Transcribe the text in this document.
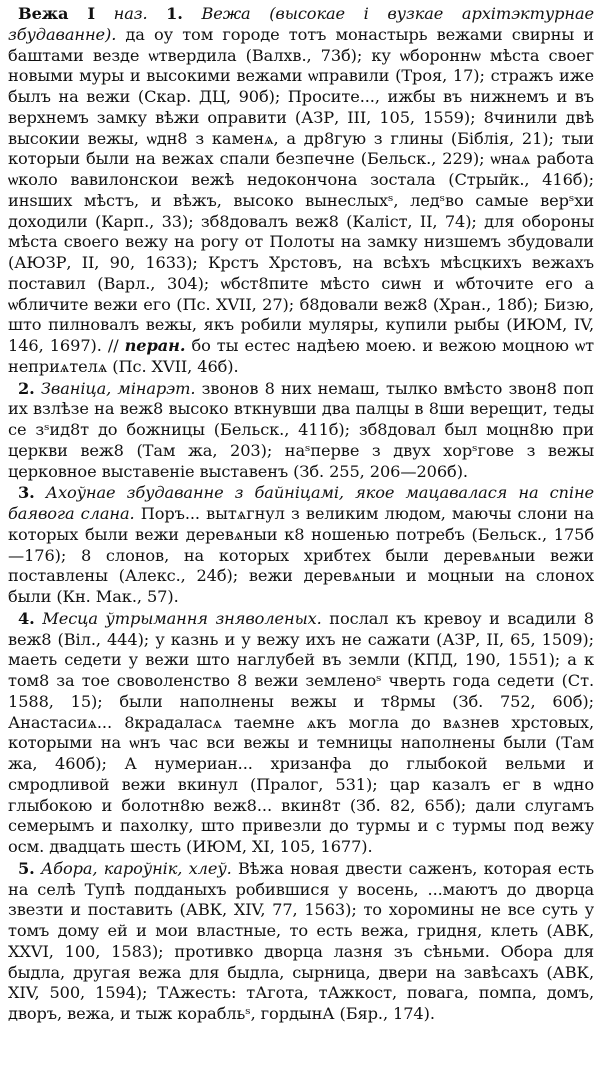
Вежа I наз. 1. Вежа (высокае і вузкае архітэктурнае збудаванне). да оу том городе тотъ монастырь вежами свирны и баштами везде ѡтвердила (Валхв., 73б); ку ѡбороннѡ мѣста своег новыми муры и высокими вежами ѡправили (Троя, 17); стражъ иже былъ на вежи (Скар. ДЦ, 90б); Просите..., ижбы въ нижнемъ и въ верхнемъ замку вѣжи оправити (АЗР, III, 105, 1559); 8чинили двѣ высокии вежы, ѡдн8 з каменѧ, а др8гую з глины (Біблія, 21); тыи которыи были на вежах спали безпечне (Бельск., 229); ѡнаѧ работа ѡколо вавилонскои вежѣ недокончона зостала (Стрыйк., 416б); инѕших мѣстъ, и вѣжъ, высоко вынеслыхˢ, ледˢво самые верˢхи доходили (Карп., 33); зб8довалъ веж8 (Каліст, II, 74); для обороны мѣста своего вежу на рогу от Полоты на замку низшемъ збудовали (АЮЗР, II, 90, 1633); Крстъ Хрстовъ, на всѣхъ мѣсцкихъ вежахъ поставил (Варл., 304); ѡбст8пите мѣсто сиѡн и ѡбточите его а ѡбличите вежи его (Пс. XVII, 27); б8довали веж8 (Хран., 18б); Бизю, што пилновалъ вежы, якъ робили муляры, купили рыбы (ИЮМ, IV, 146, 1697). // перан. бо ты естес надѣею моею. и вежою моцною ѡт неприѧтелѧ (Пс. XVII, 46б).

2. Званіца, мінарэт. звонов 8 них немаш, тылко вмѣсто звон8 поп их взлѣзе на веж8 высоко вткнувши два палцы в 8ши верещит, теды се зˢид8т до божницы (Бельск., 411б); зб8довал был моцн8ю при церкви веж8 (Там жа, 203); наˢперве з двух хорˢгове з вежы церковное выставенiе выставенъ (Зб. 255, 206—206б).

3. Ахоўнае збудаванне з байніцамі, якое мацавалася на спіне баявога слана. Поръ... вытѧгнул з великим людом, маючы слони на которых были вежи деревѧныи к8 ношенью потребъ (Бельск., 175б—176); 8 слонов, на которых хрибтех были деревѧныи вежи поставлены (Алекс., 24б); вежи деревѧныи и моцныи на слонох были (Кн. Мак., 57).

4. Месца ўтрымання зняволеных. послал къ кревоу и всадили 8 веж8 (Віл., 444); у казнь и у вежу ихъ не сажати (АЗР, II, 65, 1509); маеть седети у вежи што наглубей въ земли (КПД, 190, 1551); а к том8 за тое своволенство 8 вежи земленоˢ чверть года седети (Ст. 1588, 15); были наполнены вежы и т8рмы (Зб. 752, 60б); Анастасиѧ... 8крадаласѧ таемне ѧкъ могла до вѧзнев хрстовых, которыми на ѡнъ час вси вежы и темницы наполнены были (Там жа, 460б); А нумериан... хризанфа до глыбокой вельми и смродливой вежи вкинул (Пралог, 531); цар казалъ ег в ѡдно глыбокою и болотн8ю веж8... вкин8т (Зб. 82, 65б); дали слугамъ семерымъ и пахолку, што привезли до турмы и с турмы под вежу осм. двадцать шесть (ИЮМ, XI, 105, 1677).

5. Абора, кароўнік, хлеў. Вѣжа новая двести саженъ, которая есть на селѣ Тупѣ подданыхъ робившися у восень, ...маютъ до дворца звезти и поставить (АВК, XIV, 77, 1563); то хоромины не все суть у томъ дому ей и мои властные, то есть вежа, гридня, клеть (АВК, XXVI, 100, 1583); противко дворца лазня зъ сѣньми. Обора для быдла, другая вежа для быдла, сырница, двери на завѣсахъ (АВК, XIV, 500, 1594); ТАжесть: тАгота, тАжкост, повага, помпа, домъ, дворъ, вежа, и тыж корабльˢ, гордынА (Бяр., 174).
